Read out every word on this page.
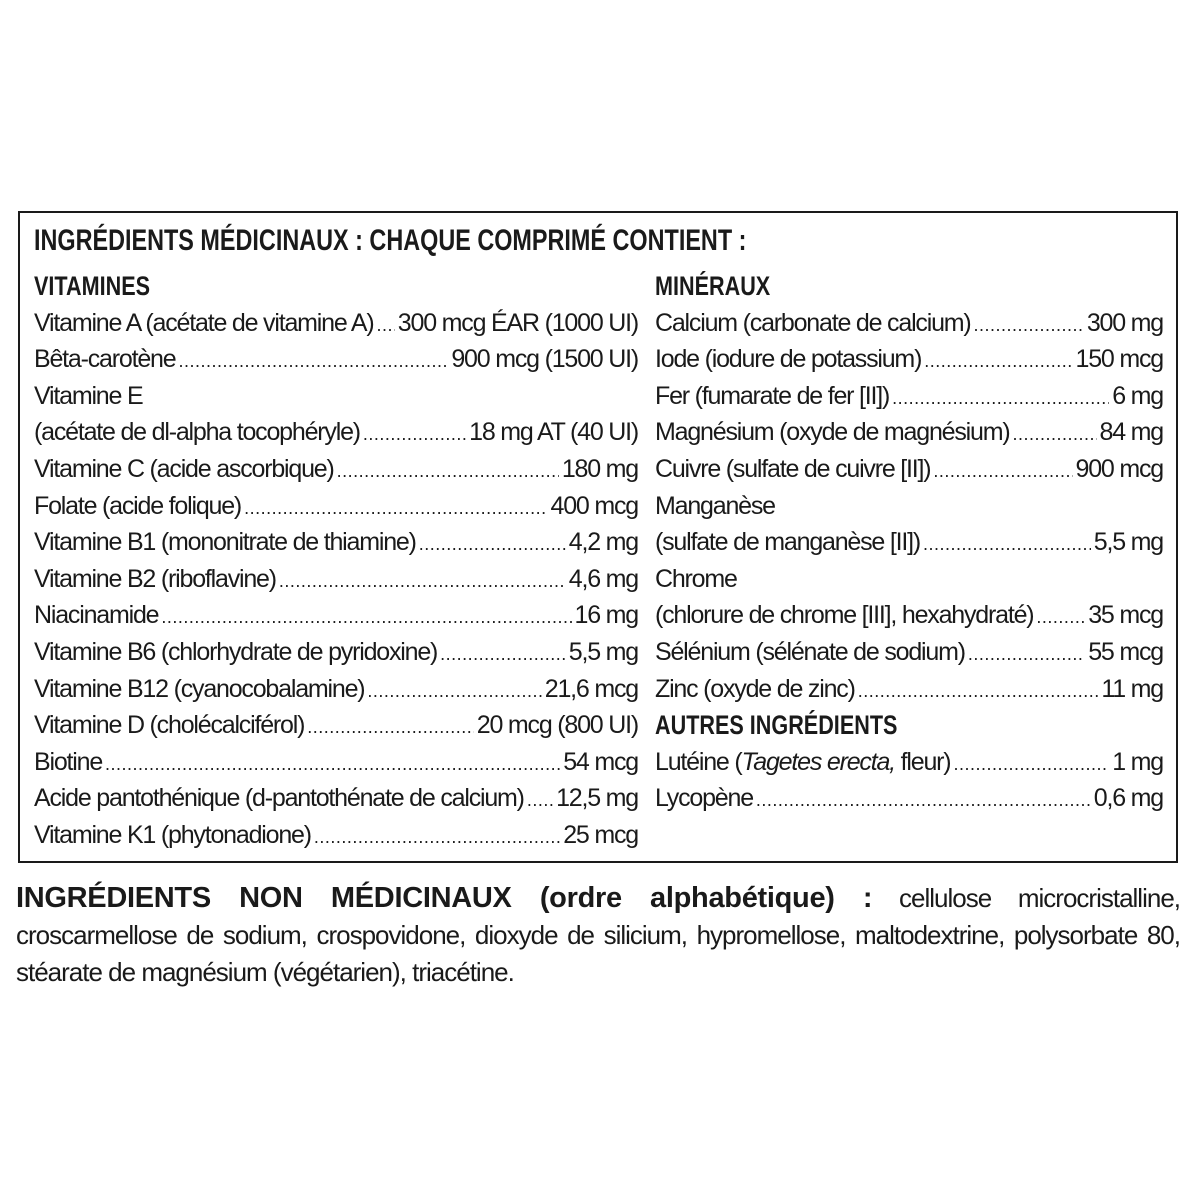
INGRÉDIENTS MÉDICINAUX : CHAQUE COMPRIMÉ CONTIENT :
VITAMINES
Vitamine A (acétate de vitamine A) ..... 300 mcg ÉAR (1000 UI)
Bêta-carotène .....	900 mcg (1500 UI)
Vitamine E
(acétate de dl-alpha tocophéryle) .....	18 mg AT (40 UI)
Vitamine C (acide ascorbique) .....	180 mg
Folate (acide folique) .....	400 mcg
Vitamine B1 (mononitrate de thiamine) .....	4,2 mg
Vitamine B2 (riboflavine) .....	4,6 mg
Niacinamide .....	16 mg
Vitamine B6 (chlorhydrate de pyridoxine) .....	5,5 mg
Vitamine B12 (cyanocobalamine) .....	21,6 mcg
Vitamine D (cholécalciférol) .....	20 mcg (800 UI)
Biotine .....	54 mcg
Acide pantothénique (d-pantothénate de calcium) ..... 12,5 mg
Vitamine K1 (phytonadione) .....	25 mcg
MINÉRAUX
Calcium (carbonate de calcium) .....	300 mg
Iode (iodure de potassium) .....	150 mcg
Fer (fumarate de fer [II]) .....	6 mg
Magnésium (oxyde de magnésium) .....	84 mg
Cuivre (sulfate de cuivre [II]) .....	900 mcg
Manganèse
(sulfate de manganèse [II]) .....	5,5 mg
Chrome
(chlorure de chrome [III], hexahydraté) ..... 35 mcg
Sélénium (sélénate de sodium) .....	55 mcg
Zinc (oxyde de zinc) .....	11 mg
AUTRES INGRÉDIENTS
Lutéine (Tagetes erecta, fleur) .....	1 mg
Lycopène .....	0,6 mg
INGRÉDIENTS NON MÉDICINAUX (ordre alphabétique) : cellulose microcristalline, croscarmellose de sodium, crospovidone, dioxyde de silicium, hypromellose, maltodextrine, polysorbate 80, stéarate de magnésium (végétarien), triacétine.
